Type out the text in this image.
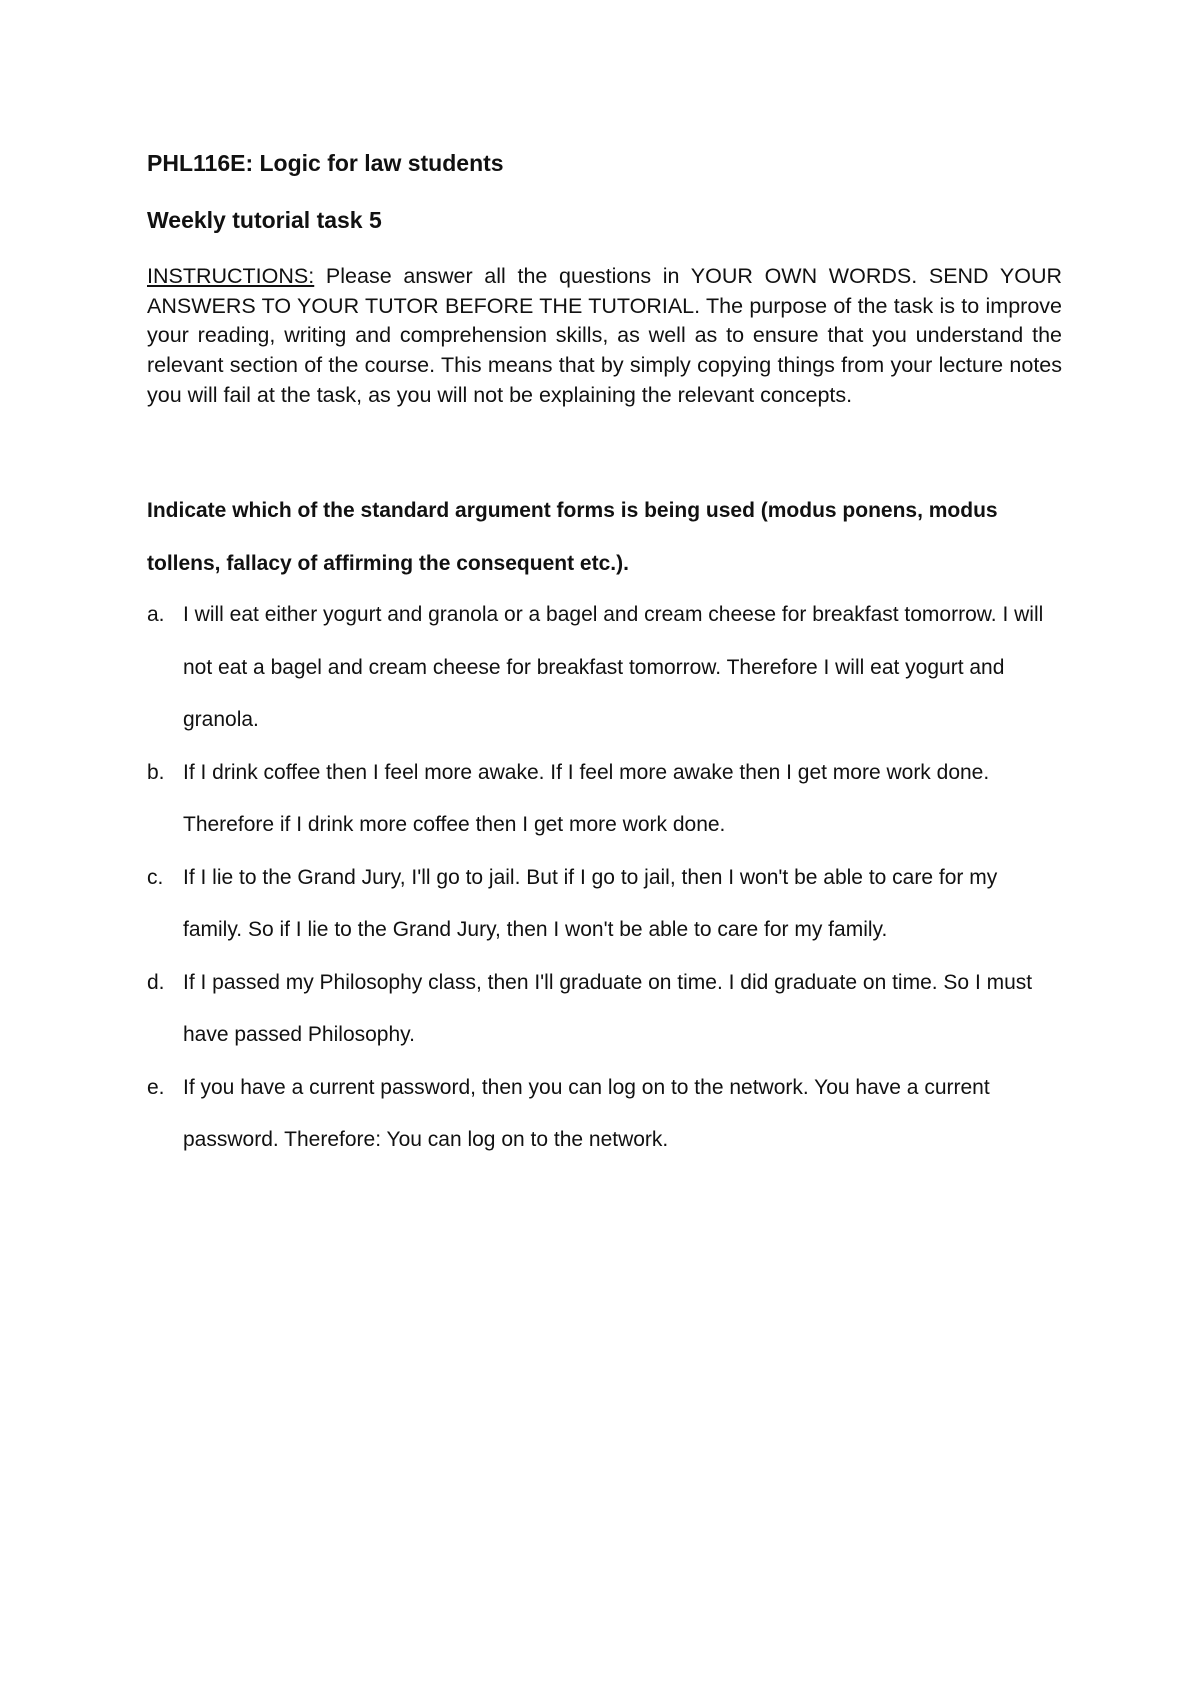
PHL116E: Logic for law students
Weekly tutorial task 5

INSTRUCTIONS: Please answer all the questions in YOUR OWN WORDS. SEND YOUR ANSWERS TO YOUR TUTOR BEFORE THE TUTORIAL. The purpose of the task is to improve your reading, writing and comprehension skills, as well as to ensure that you understand the relevant section of the course. This means that by simply copying things from your lecture notes you will fail at the task, as you will not be explaining the relevant concepts.

Indicate which of the standard argument forms is being used (modus ponens, modus tollens, fallacy of affirming the consequent etc.).

a. I will eat either yogurt and granola or a bagel and cream cheese for breakfast tomorrow. I will not eat a bagel and cream cheese for breakfast tomorrow. Therefore I will eat yogurt and granola.
b. If I drink coffee then I feel more awake. If I feel more awake then I get more work done. Therefore if I drink more coffee then I get more work done.
c. If I lie to the Grand Jury, I'll go to jail. But if I go to jail, then I won't be able to care for my family. So if I lie to the Grand Jury, then I won't be able to care for my family.
d. If I passed my Philosophy class, then I'll graduate on time. I did graduate on time. So I must have passed Philosophy.
e. If you have a current password, then you can log on to the network. You have a current password. Therefore: You can log on to the network.
